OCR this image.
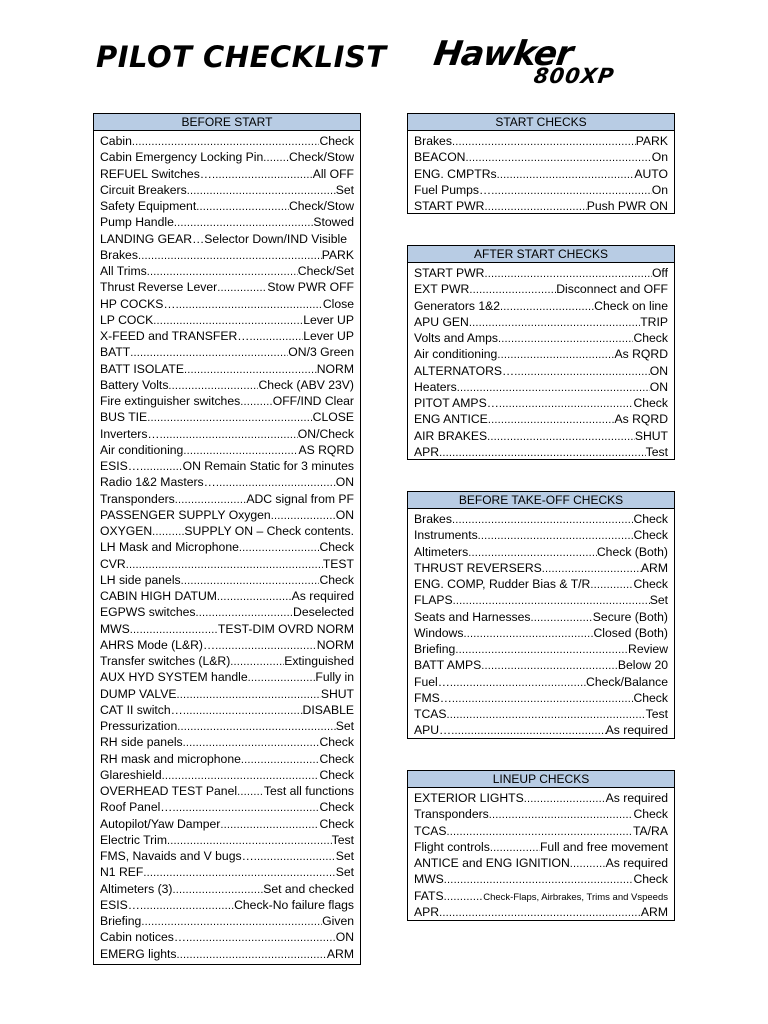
PILOT CHECKLIST Hawker
800XP
BEFORE START
Cabin .....	Check
Cabin Emergency Locking Pin ..... Check/Stow
REFUEL Switches… .....	All OFF
Circuit Breakers .....	Set
Safety Equipment .....	Check/Stow
Pump Handle .....	Stowed
LANDING GEAR…Selector Down/IND Visible
Brakes .....	PARK
All Trims .....	Check/Set
Thrust Reverse Lever .....	Stow PWR OFF
HP COCKS… .....	Close
LP COCK .....	Lever UP
X-FEED and TRANSFER… .....	Lever UP
BATT .....	ON/3 Green
BATT ISOLATE .....	NORM
Battery Volts .....	Check (ABV 23V)
Fire extinguisher switches .....	OFF/IND Clear
BUS TIE .....	CLOSE
Inverters… .....	ON/Check
Air conditioning .....	AS RQRD
ESIS… .....	ON Remain Static for 3 minutes
Radio 1&2 Masters… .....	ON
Transponders .....	ADC signal from PF
PASSENGER SUPPLY Oxygen .....	ON
OXYGEN .....	SUPPLY ON – Check contents.
LH Mask and Microphone .....	Check
CVR .....	TEST
LH side panels .....	Check
CABIN HIGH DATUM .....	As required
EGPWS switches .....	Deselected
MWS .....	TEST-DIM OVRD NORM
AHRS Mode (L&R)… .....	NORM
Transfer switches (L&R) .....	Extinguished
AUX HYD SYSTEM handle .....	Fully in
DUMP VALVE .....	SHUT
CAT II switch… .....	DISABLE
Pressurization .....	Set
RH side panels .....	Check
RH mask and microphone .....	Check
Glareshield .....	Check
OVERHEAD TEST Panel ..... Test all functions
Roof Panel… .....	Check
Autopilot/Yaw Damper .....	Check
Electric Trim .....	Test
FMS, Navaids and V bugs… .....	Set
N1 REF .....	Set
Altimeters (3) .....	Set and checked
ESIS… .....	Check-No failure flags
Briefing .....	Given
Cabin notices… .....	ON
EMERG lights .....	ARM
START CHECKS
Brakes .....	PARK
BEACON .....	On
ENG. CMPTRs .....	AUTO
Fuel Pumps… .....	On
START PWR .....	Push PWR ON
AFTER START CHECKS
START PWR .....	Off
EXT PWR .....	Disconnect and OFF
Generators 1&2 .....	Check on line
APU GEN .....	TRIP
Volts and Amps .....	Check
Air conditioning .....	As RQRD
ALTERNATORS… .....	ON
Heaters .....	ON
PITOT AMPS… .....	Check
ENG ANTICE .....	As RQRD
AIR BRAKES .....	SHUT
APR .....	Test
BEFORE TAKE-OFF CHECKS
Brakes .....	Check
Instruments .....	Check
Altimeters .....	Check (Both)
THRUST REVERSERS .....	ARM
ENG. COMP, Rudder Bias & T/R .....	Check
FLAPS .....	Set
Seats and Harnesses .....	Secure (Both)
Windows .....	Closed (Both)
Briefing .....	Review
BATT AMPS .....	Below 20
Fuel… .....	Check/Balance
FMS… .....	Check
TCAS .....	Test
APU… .....	As required
LINEUP CHECKS
EXTERIOR LIGHTS .....	As required
Transponders .....	Check
TCAS .....	TA/RA
Flight controls .....	Full and free movement
ANTICE and ENG IGNITION .....	As required
MWS .....	Check
FATS .....	Check-Flaps, Airbrakes, Trims and Vspeeds
APR .....	ARM
